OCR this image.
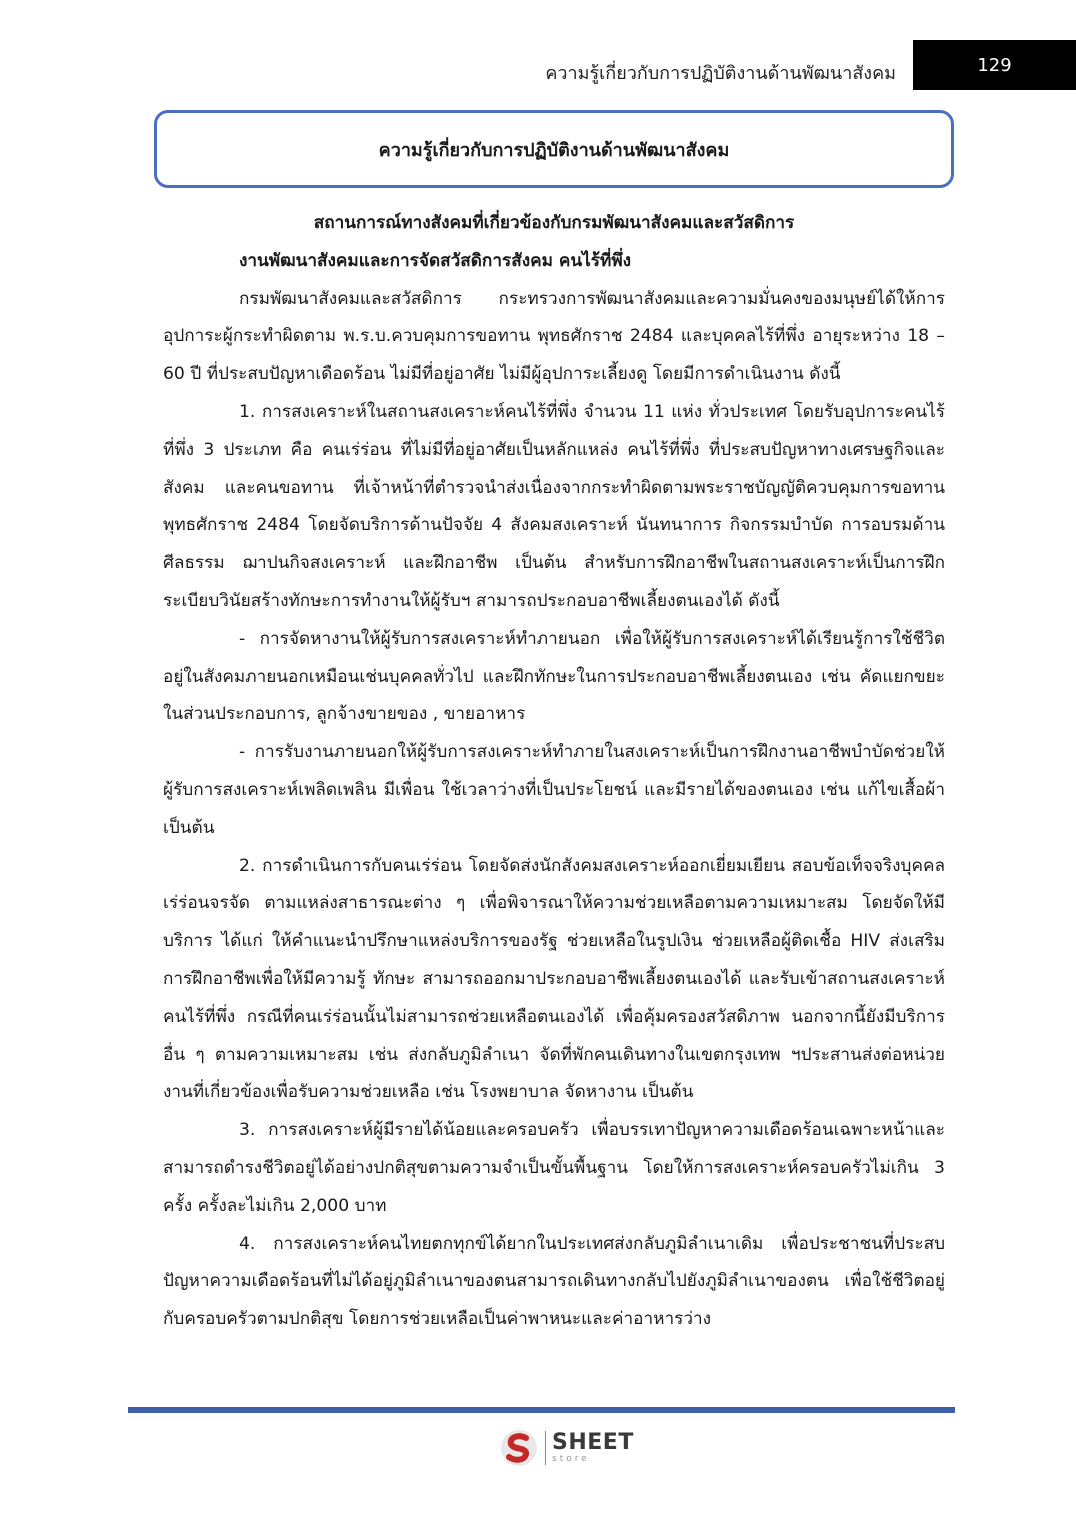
ความรู้เกี่ยวกับการปฏิบัติงานด้านพัฒนาสังคม	129
ความรู้เกี่ยวกับการปฏิบัติงานด้านพัฒนาสังคม

สถานการณ์ทางสังคมที่เกี่ยวข้องกับกรมพัฒนาสังคมและสวัสดิการ

งานพัฒนาสังคมและการจัดสวัสดิการสังคม คนไร้ที่พึ่ง

กรมพัฒนาสังคมและสวัสดิการ กระทรวงการพัฒนาสังคมและความมั่นคงของมนุษย์ได้ให้การอุปการะผู้กระทำผิดตาม พ.ร.บ.ควบคุมการขอทาน พุทธศักราช 2484 และบุคคลไร้ที่พึ่ง อายุระหว่าง 18 – 60 ปี ที่ประสบปัญหาเดือดร้อน ไม่มีที่อยู่อาศัย ไม่มีผู้อุปการะเลี้ยงดู โดยมีการดำเนินงาน ดังนี้

1. การสงเคราะห์ในสถานสงเคราะห์คนไร้ที่พึ่ง จำนวน 11 แห่ง ทั่วประเทศ โดยรับอุปการะคนไร้ที่พึ่ง 3 ประเภท คือ คนเร่ร่อน ที่ไม่มีที่อยู่อาศัยเป็นหลักแหล่ง คนไร้ที่พึ่ง ที่ประสบปัญหาทางเศรษฐกิจและสังคม และคนขอทาน ที่เจ้าหน้าที่ตำรวจนำส่งเนื่องจากกระทำผิดตามพระราชบัญญัติควบคุมการขอทาน พุทธศักราช 2484 โดยจัดบริการด้านปัจจัย 4 สังคมสงเคราะห์ นันทนาการ กิจกรรมบำบัด การอบรมด้านศีลธรรม ฌาปนกิจสงเคราะห์ และฝึกอาชีพ เป็นต้น สำหรับการฝึกอาชีพในสถานสงเคราะห์เป็นการฝึกระเบียบวินัยสร้างทักษะการทำงานให้ผู้รับฯ สามารถประกอบอาชีพเลี้ยงตนเองได้ ดังนี้

- การจัดหางานให้ผู้รับการสงเคราะห์ทำภายนอก เพื่อให้ผู้รับการสงเคราะห์ได้เรียนรู้การใช้ชีวิตอยู่ในสังคมภายนอกเหมือนเช่นบุคคลทั่วไป และฝึกทักษะในการประกอบอาชีพเลี้ยงตนเอง เช่น คัดแยกขยะในส่วนประกอบการ, ลูกจ้างขายของ , ขายอาหาร

- การรับงานภายนอกให้ผู้รับการสงเคราะห์ทำภายในสงเคราะห์เป็นการฝึกงานอาชีพบำบัดช่วยให้ผู้รับการสงเคราะห์เพลิดเพลิน มีเพื่อน ใช้เวลาว่างที่เป็นประโยชน์ และมีรายได้ของตนเอง เช่น แก้ไขเสื้อผ้า เป็นต้น

2. การดำเนินการกับคนเร่ร่อน โดยจัดส่งนักสังคมสงเคราะห์ออกเยี่ยมเยียน สอบข้อเท็จจริงบุคคลเร่ร่อนจรจัด ตามแหล่งสาธารณะต่าง ๆ เพื่อพิจารณาให้ความช่วยเหลือตามความเหมาะสม โดยจัดให้มีบริการ ได้แก่ ให้คำแนะนำปรึกษาแหล่งบริการของรัฐ ช่วยเหลือในรูปเงิน ช่วยเหลือผู้ติดเชื้อ HIV ส่งเสริมการฝึกอาชีพเพื่อให้มีความรู้ ทักษะ สามารถออกมาประกอบอาชีพเลี้ยงตนเองได้ และรับเข้าสถานสงเคราะห์คนไร้ที่พึ่ง กรณีที่คนเร่ร่อนนั้นไม่สามารถช่วยเหลือตนเองได้ เพื่อคุ้มครองสวัสดิภาพ นอกจากนี้ยังมีบริการอื่น ๆ ตามความเหมาะสม เช่น ส่งกลับภูมิลำเนา จัดที่พักคนเดินทางในเขตกรุงเทพ ฯประสานส่งต่อหน่วยงานที่เกี่ยวข้องเพื่อรับความช่วยเหลือ เช่น โรงพยาบาล จัดหางาน เป็นต้น

3. การสงเคราะห์ผู้มีรายได้น้อยและครอบครัว เพื่อบรรเทาปัญหาความเดือดร้อนเฉพาะหน้าและสามารถดำรงชีวิตอยู่ได้อย่างปกติสุขตามความจำเป็นขั้นพื้นฐาน โดยให้การสงเคราะห์ครอบครัวไม่เกิน 3 ครั้ง ครั้งละไม่เกิน 2,000 บาท

4. การสงเคราะห์คนไทยตกทุกข์ได้ยากในประเทศส่งกลับภูมิลำเนาเดิม เพื่อประชาชนที่ประสบปัญหาความเดือดร้อนที่ไม่ได้อยู่ภูมิลำเนาของตนสามารถเดินทางกลับไปยังภูมิลำเนาของตน เพื่อใช้ชีวิตอยู่กับครอบครัวตามปกติสุข โดยการช่วยเหลือเป็นค่าพาหนะและค่าอาหารว่าง

SHEET
store
